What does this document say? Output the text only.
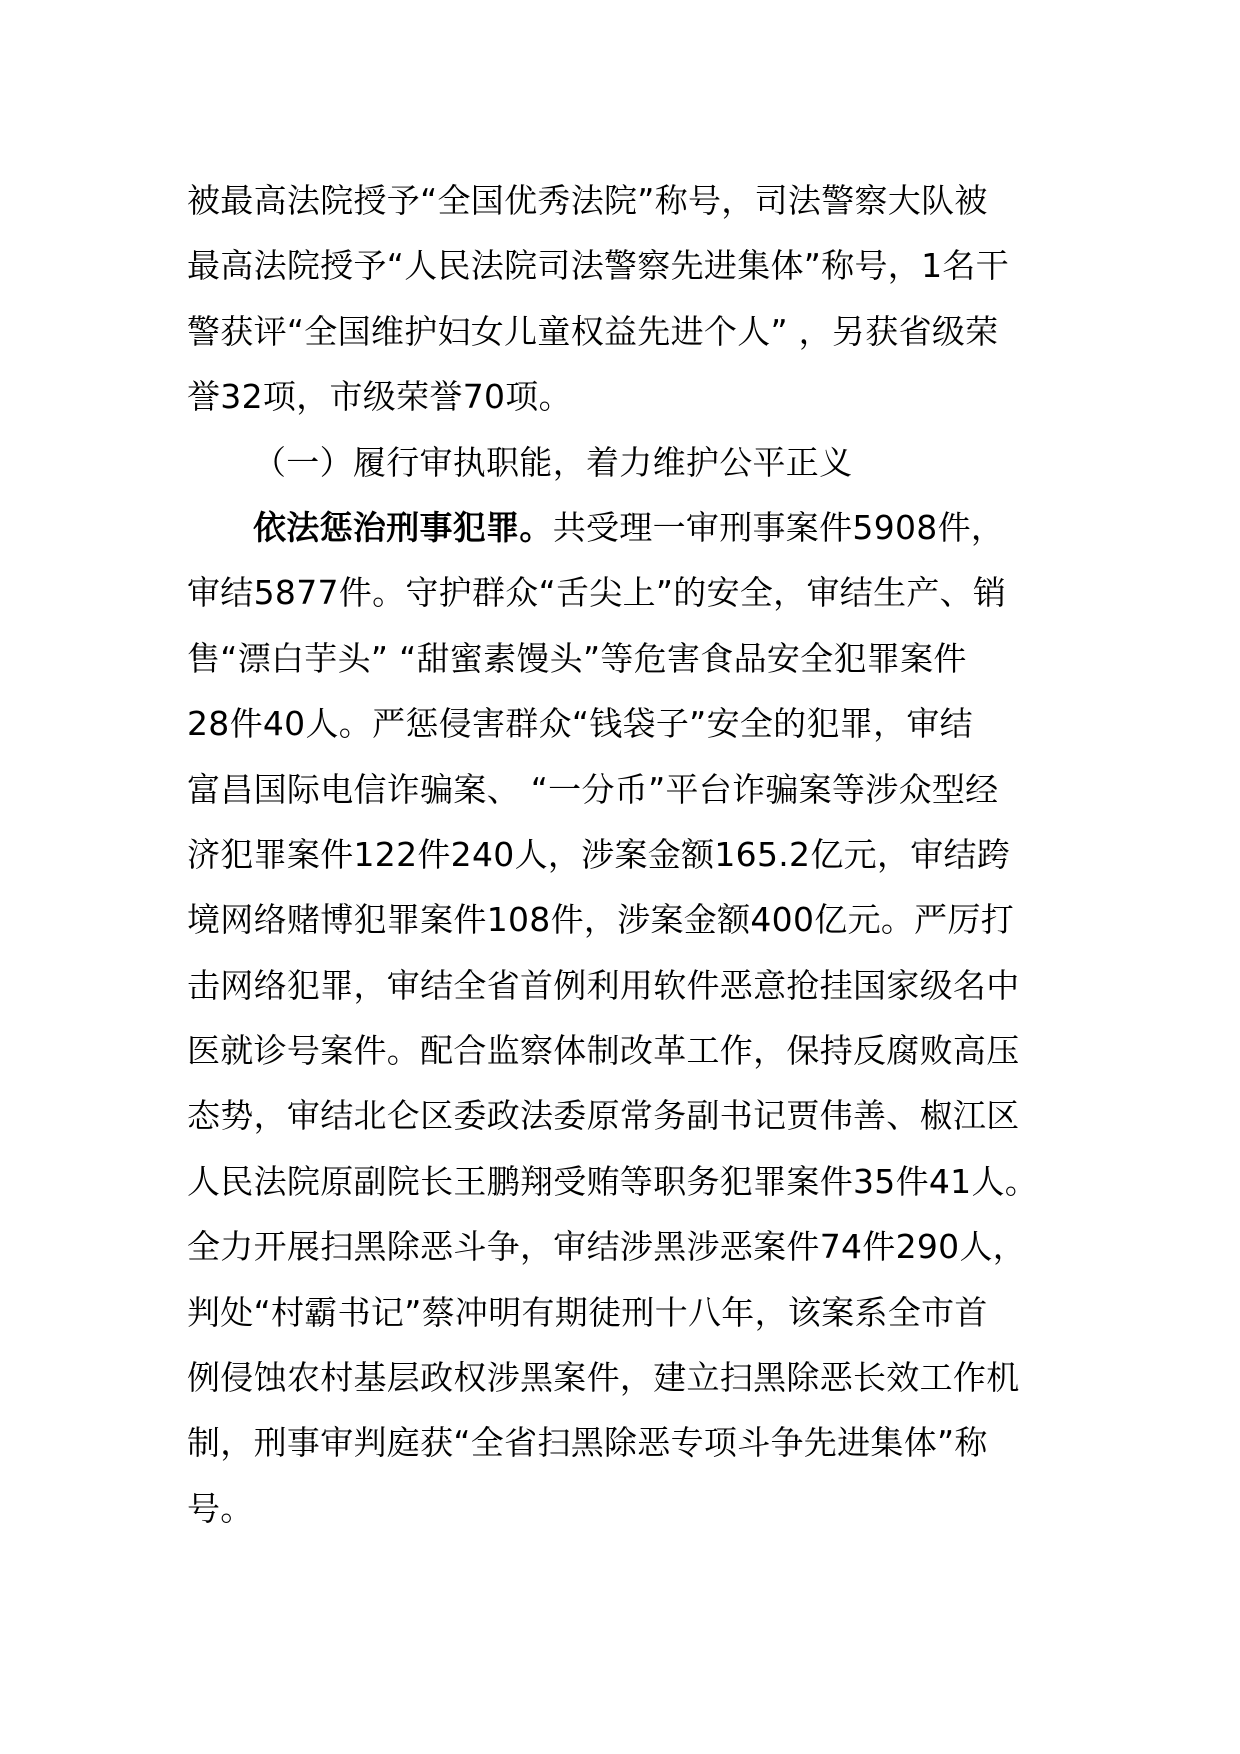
被最高法院授予“全国优秀法院”称号，司法警察大队被
最高法院授予“人民法院司法警察先进集体”称号，1名干
警获评“全国维护妇女儿童权益先进个人” ，另获省级荣
誉32项，市级荣誉70项。
（一）履行审执职能，着力维护公平正义
依法惩治刑事犯罪。共受理一审刑事案件5908件，
审结5877件。守护群众“舌尖上”的安全，审结生产、销
售“漂白芋头” “甜蜜素馒头”等危害食品安全犯罪案件
28件40人。严惩侵害群众“钱袋子”安全的犯罪，审结
富昌国际电信诈骗案、 “一分币”平台诈骗案等涉众型经
济犯罪案件122件240人，涉案金额165.2亿元，审结跨
境网络赌博犯罪案件108件，涉案金额400亿元。严厉打
击网络犯罪，审结全省首例利用软件恶意抢挂国家级名中
医就诊号案件。配合监察体制改革工作，保持反腐败高压
态势，审结北仑区委政法委原常务副书记贾伟善、椒江区
人民法院原副院长王鹏翔受贿等职务犯罪案件35件41人。
全力开展扫黑除恶斗争，审结涉黑涉恶案件74件290人，
判处“村霸书记”蔡冲明有期徒刑十八年，该案系全市首
例侵蚀农村基层政权涉黑案件，建立扫黑除恶长效工作机
制，刑事审判庭获“全省扫黑除恶专项斗争先进集体”称
号。
